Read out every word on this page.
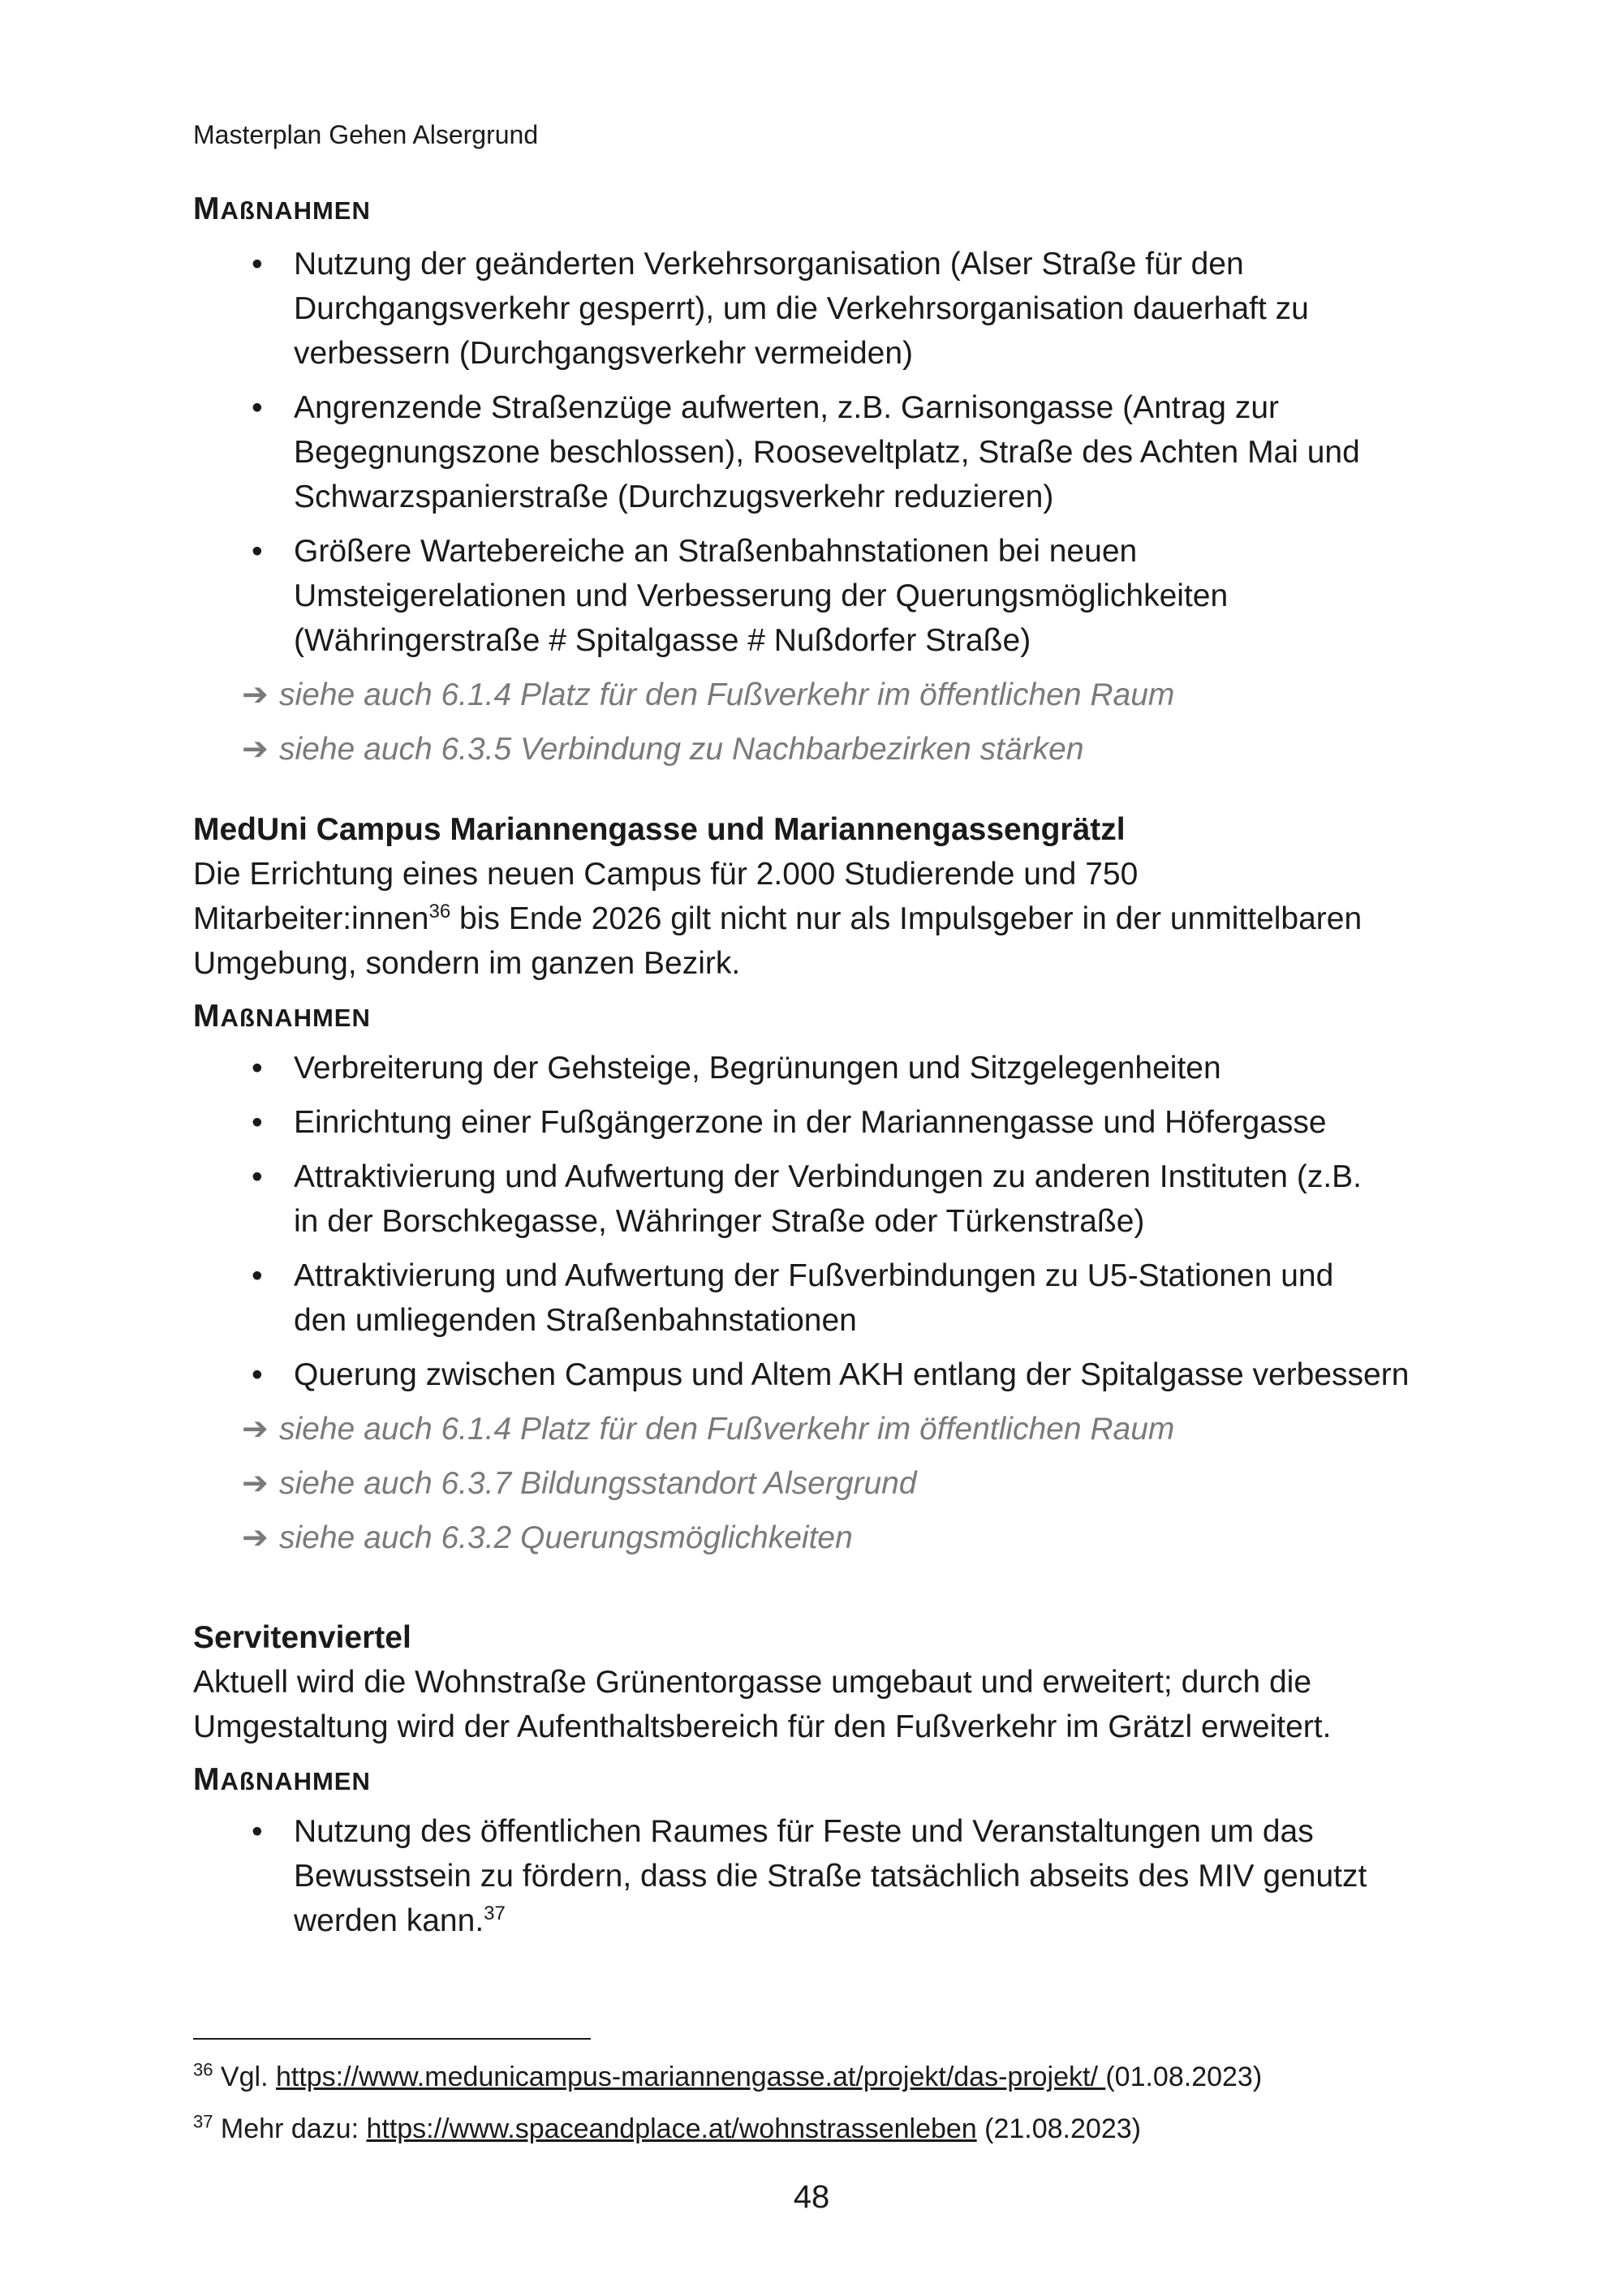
Masterplan Gehen Alsergrund

MAßNAHMEN

• Nutzung der geänderten Verkehrsorganisation (Alser Straße für den
Durchgangsverkehr gesperrt), um die Verkehrsorganisation dauerhaft zu
verbessern (Durchgangsverkehr vermeiden)
• Angrenzende Straßenzüge aufwerten, z.B. Garnisongasse (Antrag zur
Begegnungszone beschlossen), Rooseveltplatz, Straße des Achten Mai und
Schwarzspanierstraße (Durchzugsverkehr reduzieren)
• Größere Wartebereiche an Straßenbahnstationen bei neuen
Umsteigerelationen und Verbesserung der Querungsmöglichkeiten
(Währingerstraße # Spitalgasse # Nußdorfer Straße)
➔ siehe auch 6.1.4 Platz für den Fußverkehr im öffentlichen Raum
➔ siehe auch 6.3.5 Verbindung zu Nachbarbezirken stärken
MedUni Campus Mariannengasse und Mariannengassengrätzl

Die Errichtung eines neuen Campus für 2.000 Studierende und 750
Mitarbeiter:innen$^{36}$ bis Ende 2026 gilt nicht nur als Impulsgeber in der unmittelbaren
Umgebung, sondern im ganzen Bezirk.

MAßNAHMEN

• Verbreiterung der Gehsteige, Begrünungen und Sitzgelegenheiten
• Einrichtung einer Fußgängerzone in der Mariannengasse und Höfergasse
• Attraktivierung und Aufwertung der Verbindungen zu anderen Instituten (z.B.
in der Borschkegasse, Währinger Straße oder Türkenstraße)
• Attraktivierung und Aufwertung der Fußverbindungen zu U5-Stationen und
den umliegenden Straßenbahnstationen
• Querung zwischen Campus und Altem AKH entlang der Spitalgasse verbessern
➔ siehe auch 6.1.4 Platz für den Fußverkehr im öffentlichen Raum
➔ siehe auch 6.3.7 Bildungsstandort Alsergrund
➔ siehe auch 6.3.2 Querungsmöglichkeiten
Servitenviertel

Aktuell wird die Wohnstraße Grünentorgasse umgebaut und erweitert; durch die
Umgestaltung wird der Aufenthaltsbereich für den Fußverkehr im Grätzl erweitert.

MAßNAHMEN

• Nutzung des öffentlichen Raumes für Feste und Veranstaltungen um das
Bewusstsein zu fördern, dass die Straße tatsächlich abseits des MIV genutzt
werden kann.$^{37}$
$^{36}$ Vgl. https://www.medunicampus-mariannengasse.at/projekt/das-projekt/ (01.08.2023)
$^{37}$ Mehr dazu: https://www.spaceandplace.at/wohnstrassenleben (21.08.2023)
48
